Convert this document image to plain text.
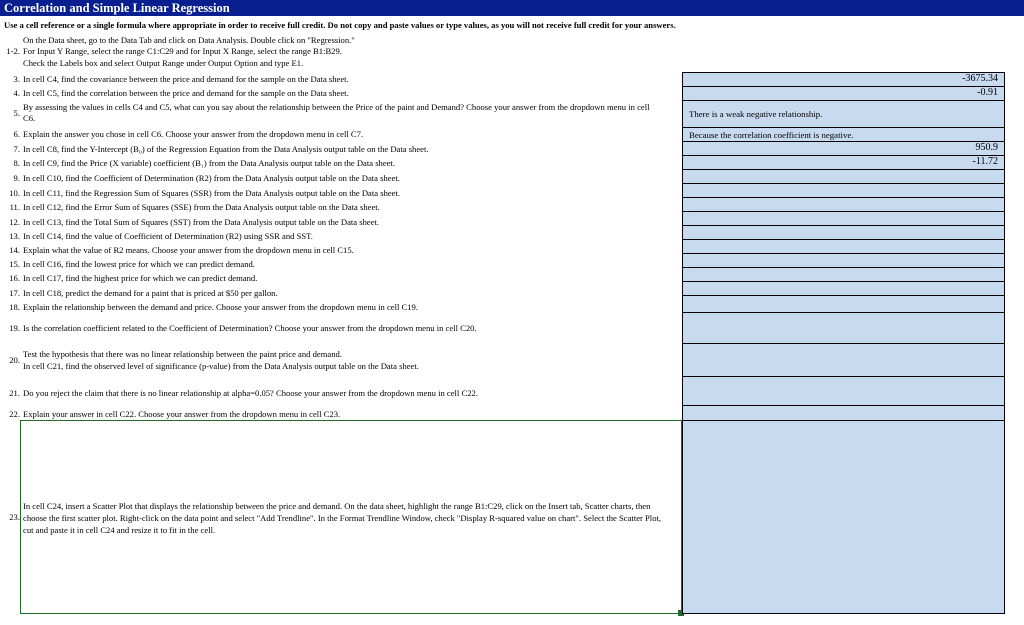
Correlation and Simple Linear Regression
Use a cell reference or a single formula where appropriate in order to receive full credit. Do not copy and paste values or type values, as you will not receive full credit for your answers.
On the Data sheet, go to the Data Tab and click on Data Analysis. Double click on "Regression."
1-2. For Input Y Range, select the range C1:C29 and for Input X Range, select the range B1:B29.
Check the Labels box and select Output Range under Output Option and type E1.
3. In cell C4, find the covariance between the price and demand for the sample on the Data sheet.
4. In cell C5, find the correlation between the price and demand for the sample on the Data sheet.
5.
By assessing the values in cells C4 and C5, what can you say about the relationship between the Price of the paint and Demand? Choose your answer from the dropdown menu in cell C6.
6. Explain the answer you chose in cell C6. Choose your answer from the dropdown menu in cell C7.
7. In cell C8, find the Y-Intercept (B₀) of the Regression Equation from the Data Analysis output table on the Data sheet.
8. In cell C9, find the Price (X variable) coefficient (B₁) from the Data Analysis output table on the Data sheet.
9. In cell C10, find the Coefficient of Determination (R2) from the Data Analysis output table on the Data sheet.
10. In cell C11, find the Regression Sum of Squares (SSR) from the Data Analysis output table on the Data sheet.
11. In cell C12, find the Error Sum of Squares (SSE) from the Data Analysis output table on the Data sheet.
12. In cell C13, find the Total Sum of Squares (SST) from the Data Analysis output table on the Data sheet.
13. In cell C14, find the value of Coefficient of Determination (R2) using SSR and SST.
14. Explain what the value of R2 means. Choose your answer from the dropdown menu in cell C15.
15. In cell C16, find the lowest price for which we can predict demand.
16. In cell C17, find the highest price for which we can predict demand.
17. In cell C18, predict the demand for a paint that is priced at $50 per gallon.
18. Explain the relationship between the demand and price. Choose your answer from the dropdown menu in cell C19.
19. Is the correlation coefficient related to the Coefficient of Determination? Choose your answer from the dropdown menu in cell C20.
20.
Test the hypothesis that there was no linear relationship between the paint price and demand.
In cell C21, find the observed level of significance (p-value) from the Data Analysis output table on the Data sheet.
21. Do you reject the claim that there is no linear relationship at alpha=0.05? Choose your answer from the dropdown menu in cell C22.
22. Explain your answer in cell C22. Choose your answer from the dropdown menu in cell C23.
23.
In cell C24, insert a Scatter Plot that displays the relationship between the price and demand. On the data sheet, highlight the range B1:C29, click on the Insert tab, Scatter charts, then choose the first scatter plot. Right-click on the data point and select "Add Trendline". In the Format Trendline Window, check "Display R-squared value on chart". Select the Scatter Plot, cut and paste it in cell C24 and resize it to fit in the cell.
-3675.34
-0.91
There is a weak negative relationship.
Because the correlation coefficient is negative.
950.9
-11.72
